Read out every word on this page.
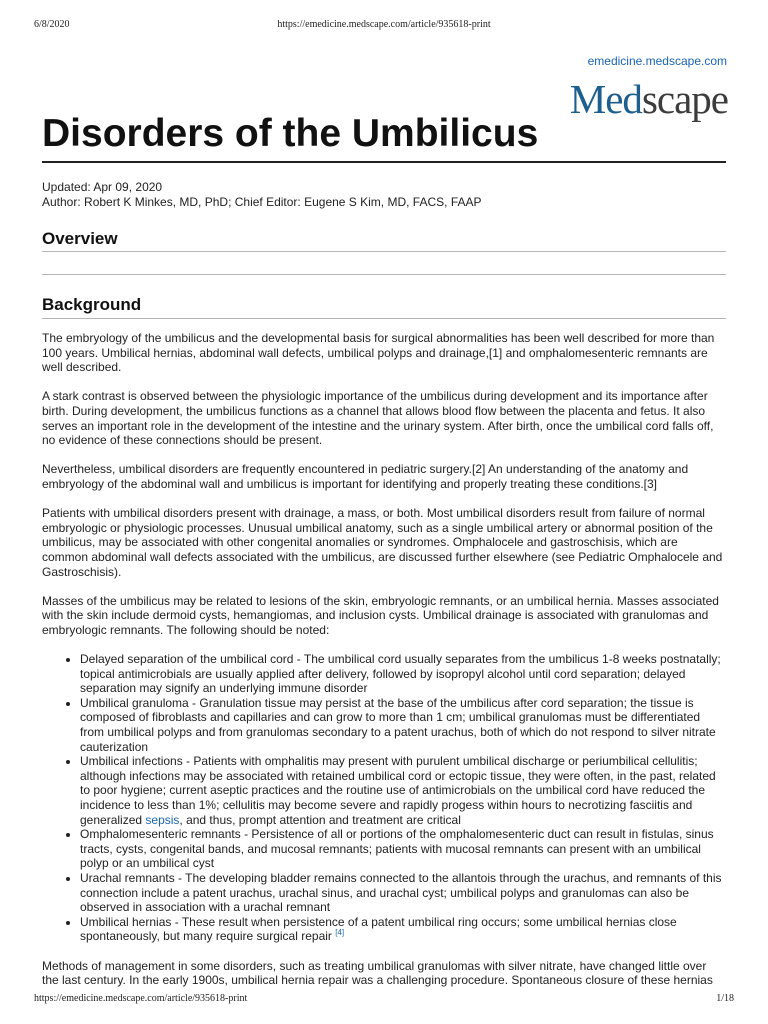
6/8/2020	https://emedicine.medscape.com/article/935618-print
emedicine.medscape.com
Medscape
Disorders of the Umbilicus
Updated: Apr 09, 2020
Author: Robert K Minkes, MD, PhD; Chief Editor: Eugene S Kim, MD, FACS, FAAP
Overview
Background

The embryology of the umbilicus and the developmental basis for surgical abnormalities has been well described for more than 100 years. Umbilical hernias, abdominal wall defects, umbilical polyps and drainage,[1] and omphalomesenteric remnants are well described.

A stark contrast is observed between the physiologic importance of the umbilicus during development and its importance after birth. During development, the umbilicus functions as a channel that allows blood flow between the placenta and fetus. It also serves an important role in the development of the intestine and the urinary system. After birth, once the umbilical cord falls off, no evidence of these connections should be present.

Nevertheless, umbilical disorders are frequently encountered in pediatric surgery.[2] An understanding of the anatomy and embryology of the abdominal wall and umbilicus is important for identifying and properly treating these conditions.[3]

Patients with umbilical disorders present with drainage, a mass, or both. Most umbilical disorders result from failure of normal embryologic or physiologic processes. Unusual umbilical anatomy, such as a single umbilical artery or abnormal position of the umbilicus, may be associated with other congenital anomalies or syndromes. Omphalocele and gastroschisis, which are common abdominal wall defects associated with the umbilicus, are discussed further elsewhere (see Pediatric Omphalocele and Gastroschisis).

Masses of the umbilicus may be related to lesions of the skin, embryologic remnants, or an umbilical hernia. Masses associated with the skin include dermoid cysts, hemangiomas, and inclusion cysts. Umbilical drainage is associated with granulomas and embryologic remnants. The following should be noted:

• Delayed separation of the umbilical cord - The umbilical cord usually separates from the umbilicus 1-8 weeks postnatally; topical antimicrobials are usually applied after delivery, followed by isopropyl alcohol until cord separation; delayed separation may signify an underlying immune disorder
• Umbilical granuloma - Granulation tissue may persist at the base of the umbilicus after cord separation; the tissue is composed of fibroblasts and capillaries and can grow to more than 1 cm; umbilical granulomas must be differentiated from umbilical polyps and from granulomas secondary to a patent urachus, both of which do not respond to silver nitrate cauterization
• Umbilical infections - Patients with omphalitis may present with purulent umbilical discharge or periumbilical cellulitis; although infections may be associated with retained umbilical cord or ectopic tissue, they were often, in the past, related to poor hygiene; current aseptic practices and the routine use of antimicrobials on the umbilical cord have reduced the incidence to less than 1%; cellulitis may become severe and rapidly progess within hours to necrotizing fasciitis and generalized sepsis, and thus, prompt attention and treatment are critical
• Omphalomesenteric remnants - Persistence of all or portions of the omphalomesenteric duct can result in fistulas, sinus tracts, cysts, congenital bands, and mucosal remnants; patients with mucosal remnants can present with an umbilical polyp or an umbilical cyst
• Urachal remnants - The developing bladder remains connected to the allantois through the urachus, and remnants of this connection include a patent urachus, urachal sinus, and urachal cyst; umbilical polyps and granulomas can also be observed in association with a urachal remnant
• Umbilical hernias - These result when persistence of a patent umbilical ring occurs; some umbilical hernias close spontaneously, but many require surgical repair [4]

Methods of management in some disorders, such as treating umbilical granulomas with silver nitrate, have changed little over the last century. In the early 1900s, umbilical hernia repair was a challenging procedure. Spontaneous closure of these hernias

https://emedicine.medscape.com/article/935618-print	1/18
